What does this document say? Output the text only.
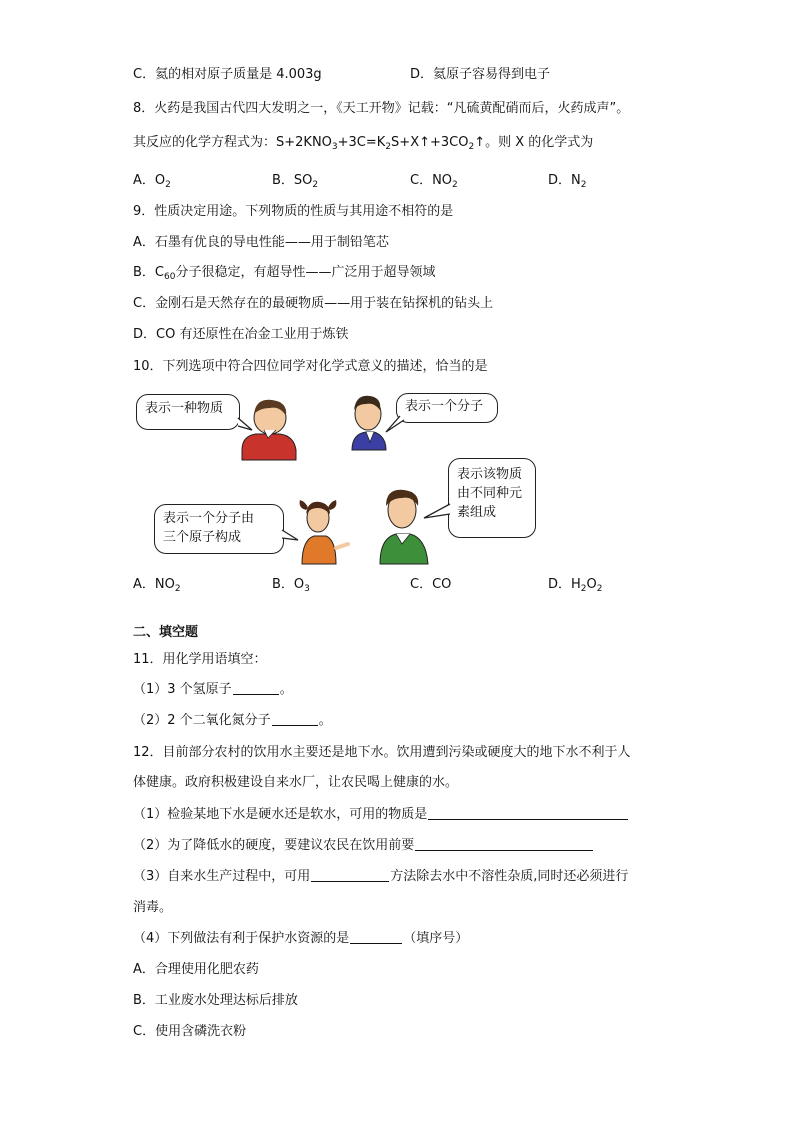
C．氦的相对原子质量是 4.003g	D．氦原子容易得到电子
8．火药是我国古代四大发明之一，《天工开物》记载：“凡硫黄配硝而后，火药成声”。
其反应的化学方程式为：$S+2KNO_3+3C=K_2S+X↑+3CO_2↑$。则 X 的化学式为
A．$O_2$	B．$SO_2$	C．$NO_2$	D．$N_2$
9．性质决定用途。下列物质的性质与其用途不相符的是
A．石墨有优良的导电性能——用于制铅笔芯
B．$C_{60}$分子很稳定，有超导性——广泛用于超导领域
C．金刚石是天然存在的最硬物质——用于装在钻探机的钻头上
D．CO 有还原性在冶金工业用于炼铁
10．下列选项中符合四位同学对化学式意义的描述，恰当的是
表示一种物质	表示一个分子
表示一个分子由
三个原子构成
表示该物质
由不同种元
素组成
A．$NO_2$	B．$O_3$	C．CO	D．$H_2O_2$
二、填空题
11．用化学用语填空：
（1）3 个氢原子	。
（2）2 个二氧化氮分子	。
12．目前部分农村的饮用水主要还是地下水。饮用遭到污染或硬度大的地下水不利于人
体健康。政府积极建设自来水厂，让农民喝上健康的水。
（1）检验某地下水是硬水还是软水，可用的物质是
（2）为了降低水的硬度，要建议农民在饮用前要
（3）自来水生产过程中，可用	方法除去水中不溶性杂质,同时还必须进行
消毒。
（4）下列做法有利于保护水资源的是	（填序号）
A．合理使用化肥农药
B．工业废水处理达标后排放
C．使用含磷洗衣粉
